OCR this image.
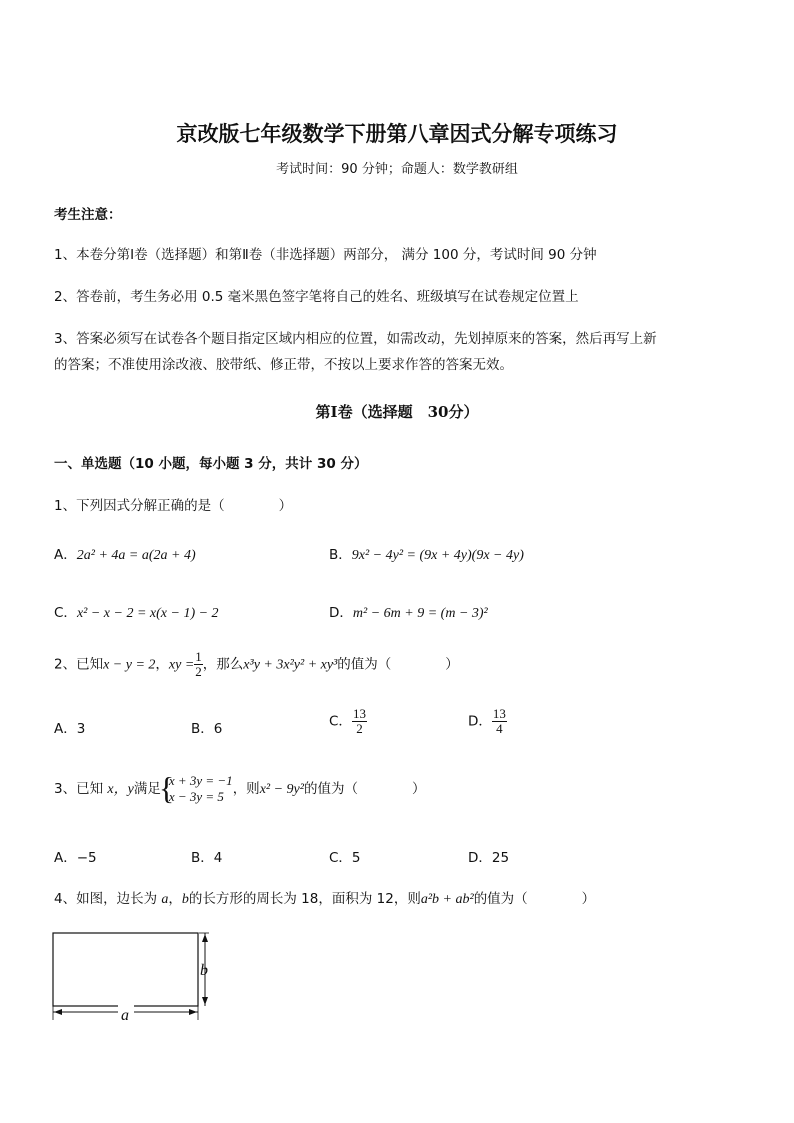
京改版七年级数学下册第八章因式分解专项练习
考试时间：90 分钟；命题人：数学教研组
考生注意：
1、本卷分第Ⅰ卷（选择题）和第Ⅱ卷（非选择题）两部分， 满分 100 分，考试时间 90 分钟
2、答卷前，考生务必用 0.5 毫米黑色签字笔将自己的姓名、班级填写在试卷规定位置上
3、答案必须写在试卷各个题目指定区域内相应的位置，如需改动，先划掉原来的答案，然后再写上新
的答案；不准使用涂改液、胶带纸、修正带，不按以上要求作答的答案无效。
第Ⅰ卷（选择题　30分）
一、单选题（10 小题，每小题 3 分，共计 30 分）
1、下列因式分解正确的是（　　　　）
A．2a² + 4a = a(2a + 4)	B．9x² − 4y² = (9x + 4y)(9x − 4y)
C．x² − x − 2 = x(x − 1) − 2	D．m² − 6m + 9 = (m − 3)²
2、已知x − y = 2，xy = $\frac{1}{2}$ ，那么x³y + 3x²y² + xy³的值为（　　　　）
A．3	B．6	C． $\frac{13}{2}$	D． $\frac{13}{4}$
3、已知 x，y满足
{
x + 3y = −1
x − 3y = 5 ，则x² − 9y²的值为（　　　　）
A．−5	B．4	C．5	D．25
4、如图，边长为 a，b的长方形的周长为 18，面积为 12，则a²b + ab²的值为（　　　　）
b
a
